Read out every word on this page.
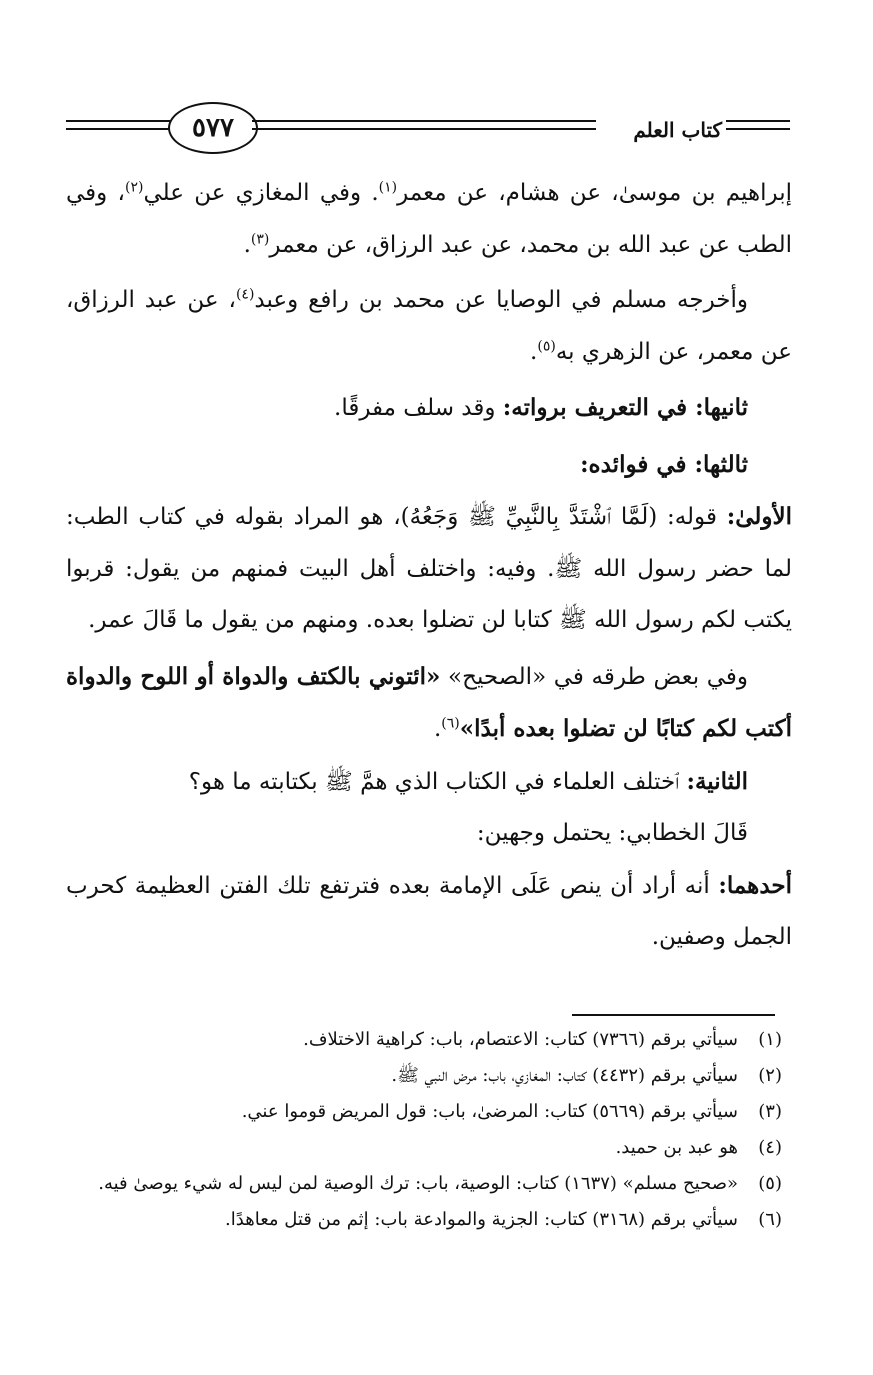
٥٧٧	كتاب العلم

إبراهيم بن موسىٰ، عن هشام، عن معمر$^{(١)}$. وفي المغازي عن علي$^{(٢)}$، وفي الطب عن عبد الله بن محمد، عن عبد الرزاق، عن معمر$^{(٣)}$.

وأخرجه مسلم في الوصايا عن محمد بن رافع وعبد$^{(٤)}$، عن عبد الرزاق، عن معمر، عن الزهري به$^{(٥)}$.

ثانيها: في التعريف برواته: وقد سلف مفرقًا.

ثالثها: في فوائده:

الأولىٰ: قوله: (لَمَّا ٱشْتَدَّ بِالنَّبِيِّ ﷺ وَجَعُهُ)، هو المراد بقوله في كتاب الطب: لما حضر رسول الله ﷺ. وفيه: واختلف أهل البيت فمنهم من يقول: قربوا يكتب لكم رسول الله ﷺ كتابا لن تضلوا بعده. ومنهم من يقول ما قَالَ عمر.

وفي بعض طرقه في «الصحيح» «ائتوني بالكتف والدواة أو اللوح والدواة أكتب لكم كتابًا لن تضلوا بعده أبدًا»$^{(٦)}$.

الثانية: ٱختلف العلماء في الكتاب الذي همَّ ﷺ بكتابته ما هو؟

قَالَ الخطابي: يحتمل وجهين:

أحدهما: أنه أراد أن ينص عَلَى الإمامة بعده فترتفع تلك الفتن العظيمة كحرب الجمل وصفين.

(١)
سيأتي برقم (٧٣٦٦) كتاب: الاعتصام، باب: كراهية الاختلاف.
(٢)
سيأتي برقم (٤٤٣٢) كتاب: المغازي، باب: مرض النبي ﷺ.
(٣)
سيأتي برقم (٥٦٦٩) كتاب: المرضىٰ، باب: قول المريض قوموا عني.
(٤)
هو عبد بن حميد.
(٥)
«صحيح مسلم» (١٦٣٧) كتاب: الوصية، باب: ترك الوصية لمن ليس له شيء يوصىٰ فيه.
(٦)
سيأتي برقم (٣١٦٨) كتاب: الجزية والموادعة باب: إثم من قتل معاهدًا.
